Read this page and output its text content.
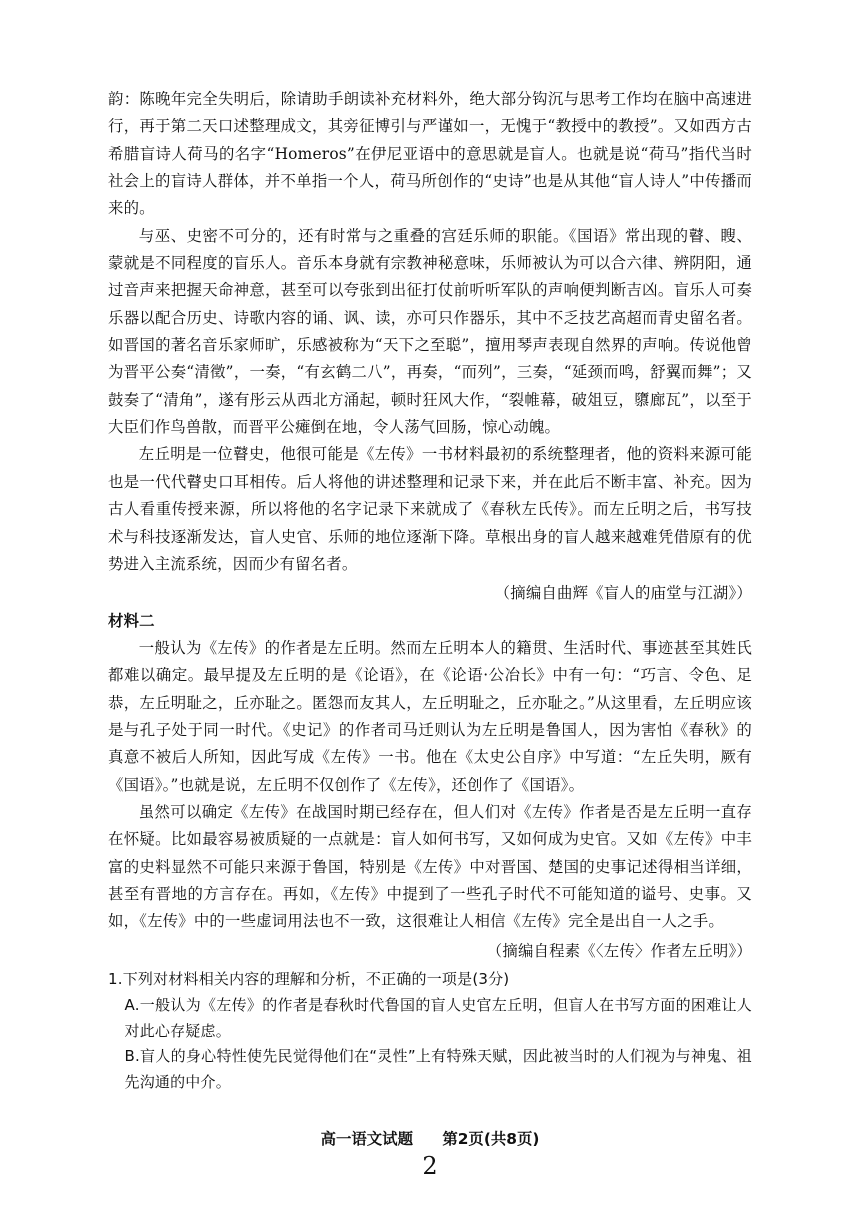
韵：陈晚年完全失明后，除请助手朗读补充材料外，绝大部分钩沉与思考工作均在脑中高速进行，再于第二天口述整理成文，其旁征博引与严谨如一，无愧于“教授中的教授”。又如西方古希腊盲诗人荷马的名字“Homeros”在伊尼亚语中的意思就是盲人。也就是说“荷马”指代当时社会上的盲诗人群体，并不单指一个人，荷马所创作的“史诗”也是从其他“盲人诗人”中传播而来的。

与巫、史密不可分的，还有时常与之重叠的宫廷乐师的职能。《国语》常出现的瞽、瞍、蒙就是不同程度的盲乐人。音乐本身就有宗教神秘意味，乐师被认为可以合六律、辨阴阳，通过音声来把握天命神意，甚至可以夸张到出征打仗前听听军队的声响便判断吉凶。盲乐人可奏乐器以配合历史、诗歌内容的诵、讽、读，亦可只作器乐，其中不乏技艺高超而青史留名者。如晋国的著名音乐家师旷，乐感被称为“天下之至聪”，擅用琴声表现自然界的声响。传说他曾为晋平公奏“清徵”，一奏，“有玄鹤二八”，再奏，“而列”，三奏，“延颈而鸣，舒翼而舞”；又鼓奏了“清角”，遂有彤云从西北方涌起，顿时狂风大作，“裂帷幕，破俎豆，隳廊瓦”，以至于大臣们作鸟兽散，而晋平公瘫倒在地，令人荡气回肠，惊心动魄。

左丘明是一位瞽史，他很可能是《左传》一书材料最初的系统整理者，他的资料来源可能也是一代代瞽史口耳相传。后人将他的讲述整理和记录下来，并在此后不断丰富、补充。因为古人看重传授来源，所以将他的名字记录下来就成了《春秋左氏传》。而左丘明之后，书写技术与科技逐渐发达，盲人史官、乐师的地位逐渐下降。草根出身的盲人越来越难凭借原有的优势进入主流系统，因而少有留名者。

（摘编自曲辉《盲人的庙堂与江湖》）

材料二

一般认为《左传》的作者是左丘明。然而左丘明本人的籍贯、生活时代、事迹甚至其姓氏都难以确定。最早提及左丘明的是《论语》，在《论语·公冶长》中有一句：“巧言、令色、足恭，左丘明耻之，丘亦耻之。匿怨而友其人，左丘明耻之，丘亦耻之。”从这里看，左丘明应该是与孔子处于同一时代。《史记》的作者司马迁则认为左丘明是鲁国人，因为害怕《春秋》的真意不被后人所知，因此写成《左传》一书。他在《太史公自序》中写道：“左丘失明，厥有《国语》。”也就是说，左丘明不仅创作了《左传》，还创作了《国语》。

虽然可以确定《左传》在战国时期已经存在，但人们对《左传》作者是否是左丘明一直存在怀疑。比如最容易被质疑的一点就是：盲人如何书写，又如何成为史官。又如《左传》中丰富的史料显然不可能只来源于鲁国，特别是《左传》中对晋国、楚国的史事记述得相当详细，甚至有晋地的方言存在。再如，《左传》中提到了一些孔子时代不可能知道的谥号、史事。又如，《左传》中的一些虚词用法也不一致，这很难让人相信《左传》完全是出自一人之手。

（摘编自程素《〈左传〉作者左丘明》）

1.下列对材料相关内容的理解和分析，不正确的一项是(3分)

A.一般认为《左传》的作者是春秋时代鲁国的盲人史官左丘明，但盲人在书写方面的困难让人对此心存疑虑。

B.盲人的身心特性使先民觉得他们在“灵性”上有特殊天赋，因此被当时的人们视为与神鬼、祖先沟通的中介。

高一语文试题 第2页(共8页)
2
